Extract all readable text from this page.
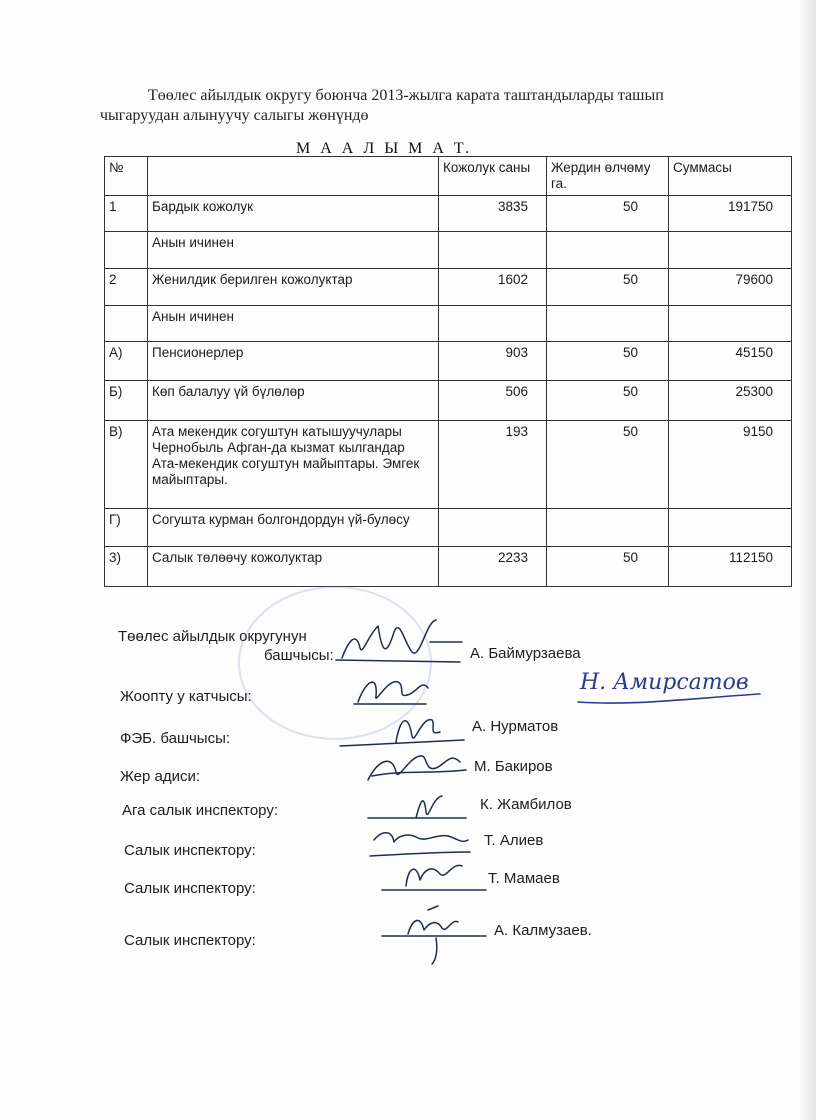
Төөлес айылдык округу боюнча 2013-жылга карата таштандыларды ташып
чыгаруудан алынуучу салыгы жөнүндө
М А А Л Ы М А Т.
№		Кожолук саны	Жердин өлчөму га.	Суммасы
1	Бардык кожолук	3835	50	191750
	Анын ичинен			
2	Женилдик берилген кожолуктар	1602	50	79600
	Анын ичинен			
А)	Пенсионерлер	903	50	45150
Б)	Көп балалуу үй бүлөлөр	506	50	25300
В)	Ата мекендик согуштун катышуучулары Чернобыль Афган-да кызмат кылгандар Ата-мекендик согуштун майыптары. Эмгек майыптары.	193	50	9150
Г)	Согушта курман болгондордун үй-булөсу			
3)	Салык төлөөчу кожолуктар	2233	50	112150
Төөлес айылдык округунун
башчысы:	А. Баймурзаева
Жоопту у катчысы:
Н. Амирсатов
ФЭБ. башчысы:
А. Нурматов
Жер адиси:
М. Бакиров
Ага салык инспектору:	К. Жамбилов
Салык инспектору:
Т. Алиев
Салык инспектору:
Т. Мамаев
Салык инспектору:
А. Калмузаев.
